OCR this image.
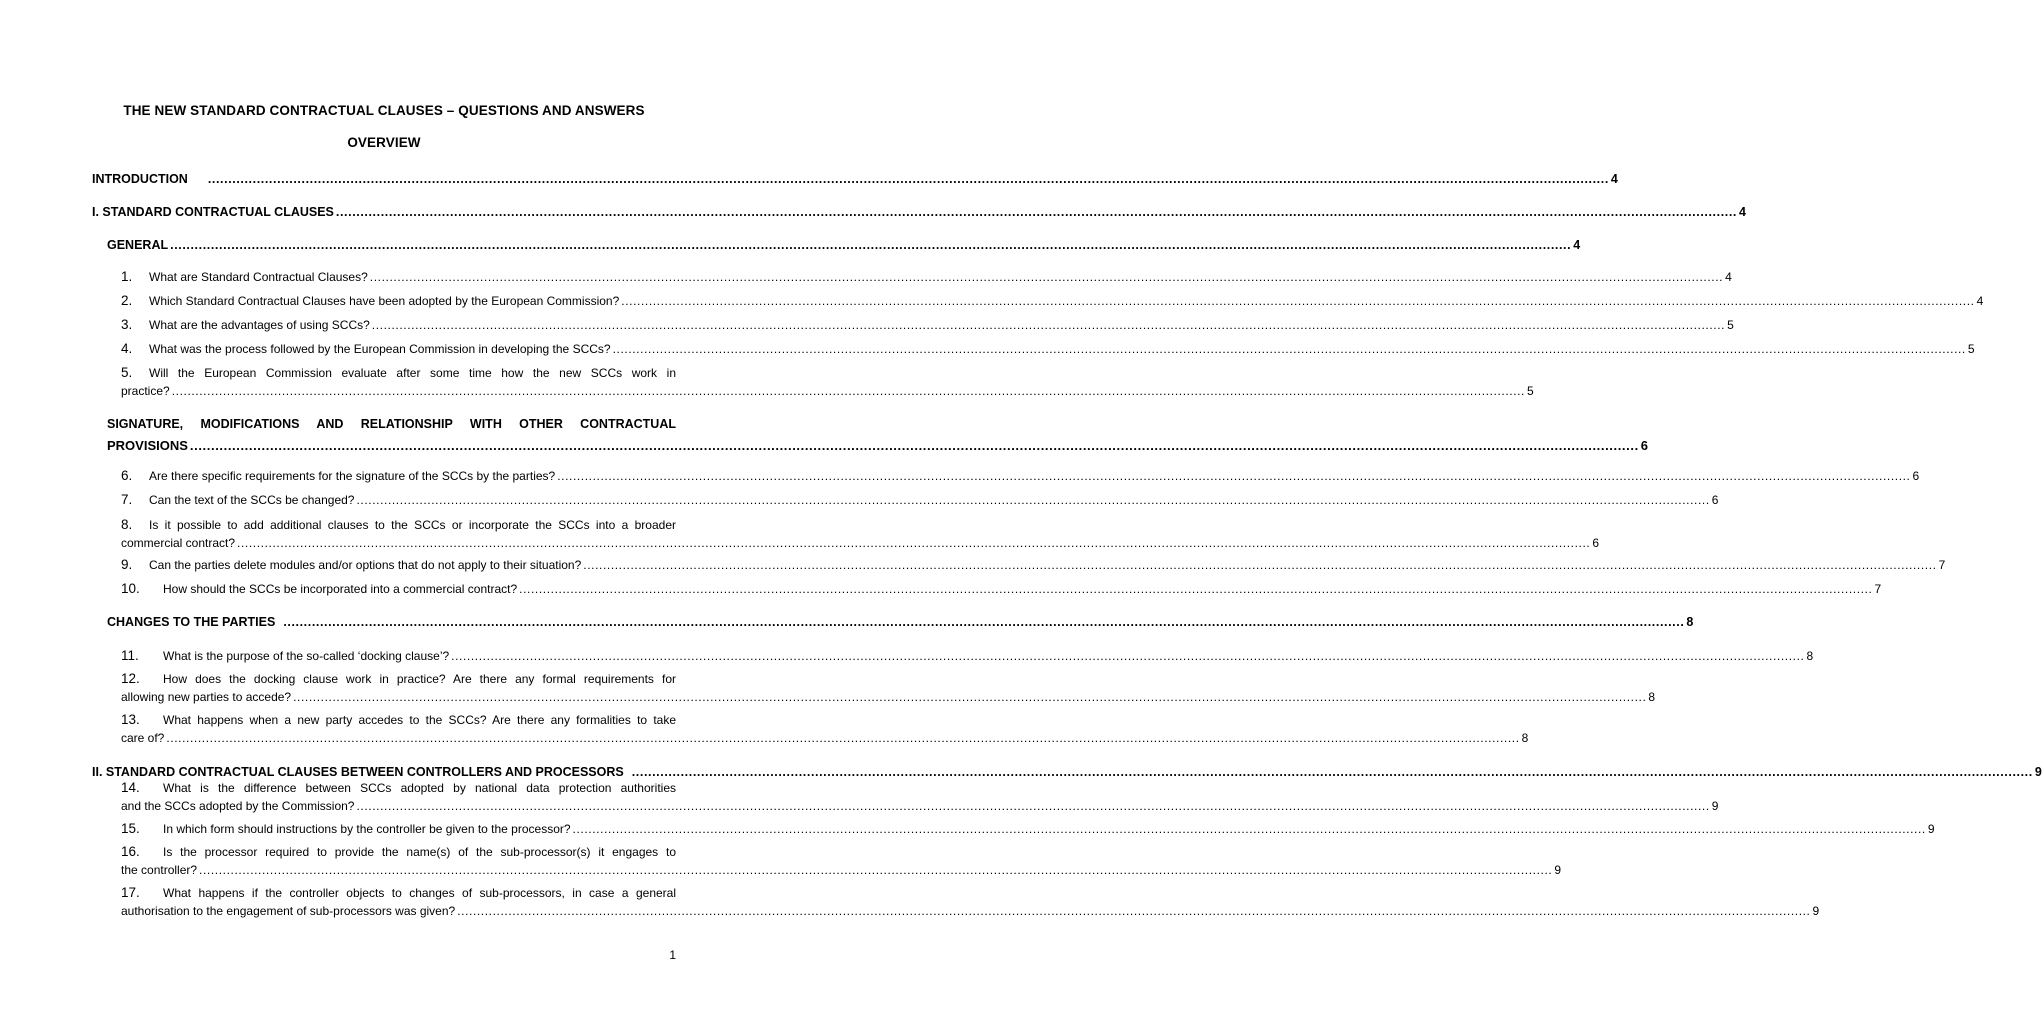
THE NEW STANDARD CONTRACTUAL CLAUSES – QUESTIONS AND ANSWERS
OVERVIEW
INTRODUCTION .....	4
I. STANDARD CONTRACTUAL CLAUSES .....	4
GENERAL .....	4
1. What are Standard Contractual Clauses? .....	4
2. Which Standard Contractual Clauses have been adopted by the European Commission? .....	4
3. What are the advantages of using SCCs? .....	5
4. What was the process followed by the European Commission in developing the SCCs? .....	5
5. Will the European Commission evaluate after some time how the new SCCs work in
practice? .....	5
SIGNATURE, MODIFICATIONS AND RELATIONSHIP WITH OTHER CONTRACTUAL
PROVISIONS .....	6
6. Are there specific requirements for the signature of the SCCs by the parties? .....	6
7. Can the text of the SCCs be changed? .....	6
8. Is it possible to add additional clauses to the SCCs or incorporate the SCCs into a broader
commercial contract? .....	6
9. Can the parties delete modules and/or options that do not apply to their situation? .....	7
10. How should the SCCs be incorporated into a commercial contract? .....	7
CHANGES TO THE PARTIES .....	8
11. What is the purpose of the so-called ‘docking clause’? .....	8
12. How does the docking clause work in practice? Are there any formal requirements for
allowing new parties to accede? .....	8
13. What happens when a new party accedes to the SCCs? Are there any formalities to take
care of? .....	8
II. STANDARD CONTRACTUAL CLAUSES BETWEEN CONTROLLERS AND PROCESSORS .....	9
14. What is the difference between SCCs adopted by national data protection authorities
and the SCCs adopted by the Commission? .....	9
15. In which form should instructions by the controller be given to the processor? .....	9
16. Is the processor required to provide the name(s) of the sub-processor(s) it engages to
the controller? .....	9
17. What happens if the controller objects to changes of sub-processors, in case a general
authorisation to the engagement of sub-processors was given? .....	9
1
